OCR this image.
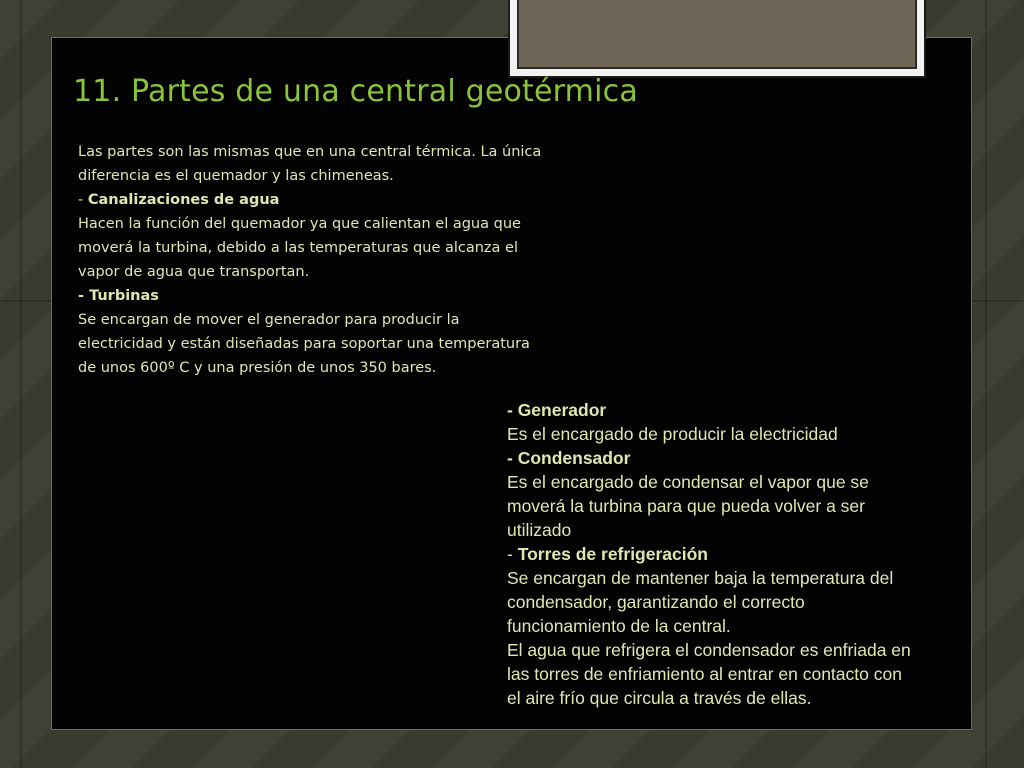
11. Partes de una central geotérmica

Las partes son las mismas que en una central térmica. La única

diferencia es el quemador y las chimeneas.

- Canalizaciones de agua

Hacen la función del quemador ya que calientan el agua que

moverá la turbina, debido a las temperaturas que alcanza el

vapor de agua que transportan.

- Turbinas

Se encargan de mover el generador para producir la

electricidad y están diseñadas para soportar una temperatura

de unos 600º C y una presión de unos 350 bares.

- Generador

Es el encargado de producir la electricidad

- Condensador

Es el encargado de condensar el vapor que se

moverá la turbina para que pueda volver a ser

utilizado

- Torres de refrigeración

Se encargan de mantener baja la temperatura del

condensador, garantizando el correcto

funcionamiento de la central.

El agua que refrigera el condensador es enfriada en

las torres de enfriamiento al entrar en contacto con

el aire frío que circula a través de ellas.
